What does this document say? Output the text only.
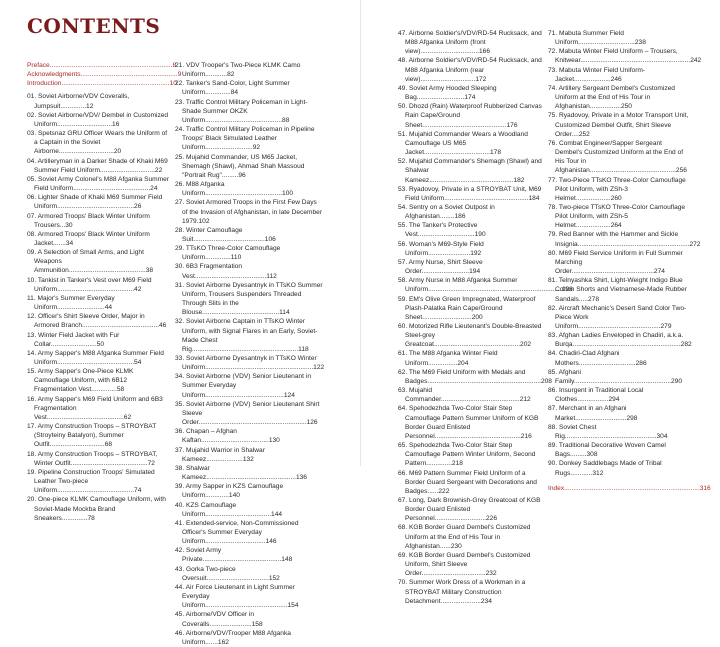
CONTENTS
Preface...................................................................8
Acknowledgments.....................................................9
Introduction...........................................................10
01. Soviet Airborne/VDV Coveralls, Jumpsuit..............12
02. Soviet Airborne/VDV/ Dembel in Customized Uniform..............................16
03. Spetsnaz GRU Officer Wears the Uniform of a Captain in the Soviet Airborne..............................20
04. Artilleryman in a Darker Shade of Khaki M69 Summer Field Uniform..............................22
05. Soviet Army Colonel's M88 Afganka Summer Field Uniform..........................................24
06. Lighter Shade of Khaki M69 Summer Field Uniform..........................................26
07. Armored Troops' Black Winter Uniform Trousers...30
08. Armored Troops' Black Winter Uniform Jacket.......34
09. A Selection of Small Arms, and Light Weapons Ammunition..........................................38
10. Tankist in Tanker's Vest over M69 Field Uniform..........................................42
11. Major's Summer Everyday Uniform..........................44
12. Officer's Shirt Sleeve Order, Major in Armored Branch..........................................46
13. Winter Field Jacket with Fur Collar.........................50
14. Army Sapper's M88 Afganka Summer Field Uniform..........................................54
15. Army Sapper's One-Piece KLMK Camouflage Uniform, with 6B12 Fragmentation Vest..............58
16. Army Sapper's M69 Field Uniform and 6B3 Fragmentation Vest..........................................62
17. Army Construction Troops – STROYBAT (Stroyteiny Batalyon), Summer Outfit..............................68
18. Army Construction Troops – STROYBAT, Winter Outfit..........................................72
19. Pipeline Construction Troops' Simulated Leather Two-piece Uniform..........................................74
20. One-piece KLMK Camouflage Uniform, with Soviet-Made Mockba Brand Sneakers..............78
21. VDV Trooper's Two-Piece KLMK Camo Uniform............82
22. Tanker's Sand-Color, Light Summer Uniform..............84
23. Traffic Control Military Policeman in Light-Shade Summer OKZK Uniform..........................................88
24. Traffic Control Military Policeman in Pipeline Troops' Black Simulated Leather Uniform..........................92
25. Mujahid Commander, US M65 Jacket, Shemagh (Shawl), Ahmad Shah Massoud "Portrait Rug".........96
26. M88 Afganka Uniform..........................................100
27. Soviet Armored Troops in the First Few Days of the Invasion of Afghanistan, in late December 1979.102
28. Winter Camouflage Suit.......................................106
29. TTsKO Three-Color Camouflage Uniform..............110
30. 6B3 Fragmentation Vest.......................................112
31. Soviet Airborne Dyesantnyk in TTsKO Summer Uniform, Trousers Suspenders Threaded Through Slits in the Blouse..........................................114
32. Soviet Airborne Captain in TTsKO Winter Uniform, with Signal Flares in an Early, Soviet-Made Chest Rig..........................................................118
33. Soviet Airborne Dyesantnyk in TTsKO Winter Uniform...........................................................122
34. Soviet Airborne (VDV) Senior Lieutenant in Summer Everyday Uniform...........................................124
35. Soviet Airborne (VDV) Senior Lieutenant Shirt Sleeve Order...........................................................126
36. Chapan – Afghan Kaftan.....................................130
37. Mujahid Warrior in Shalwar Kameez....................132
38. Shalwar Kameez.................................................136
39. Army Sapper in KZS Camouflage Uniform.............140
40. KZS Camouflage Uniform....................................144
41. Extended-service, Non-Commissioned Officer's Summer Everyday Uniform.................................146
42. Soviet Army Private...........................................148
43. Gorka Two-piece Oversuit..................................152
44. Air Force Lieutenant in Light Summer Everyday Uniform.............................................154
45. Airborne/VDV Officer in Coveralls.......................158
46. Airborne/VDV/Trooper M88 Afganka Uniform.......162
47. Airborne Soldier's/VDV/RD-54 Rucksack, and M88 Afganka Uniform (front view)................................166
48. Airborne Soldier's/VDV/RD-54 Rucksack, and M88 Afganka Uniform (rear view)..............................172
49. Soviet Army Hooded Sleeping Bag..........................174
50. Dhozd (Rain) Waterproof Rubberized Canvas Rain Cape/Ground Sheet..............................................176
51. Mujahid Commander Wears a Woodland Camouflage US M65 Jacket....................................178
52. Mujahid Commander's Shemagh (Shawl) and Shalwar Kameez..............................................182
53. Ryadovoy, Private in a STROYBAT Unit, M69 Field Uniform..............................................184
54. Sentry on a Soviet Outpost in Afghanistan........186
55. The Tanker's Protective Vest...............................190
56. Woman's M69-Style Field Uniform.......................192
57. Army Nurse, Shirt Sleeve Order..........................194
58. Army Nurse in M88 Afganka Summer Uniform.........................................................................196
59. EM's Olive Green Impregnated, Waterproof Plash-Palatka Rain Cape/Ground Sheet...........................200
60. Motorized Rifle Lieutenant's Double-Breasted Steel-grey Greatcoat...............................................202
61. The M88 Afganka Winter Field Uniform................204
62. The M69 Field Uniform with Medals and Badges..............................................................208
63. Mujahid Commander...........................................212
64. Spehodezhda Two-Color Stair Step Camouflage Pattern Summer Uniform of KGB Border Guard Enlisted Personnel...............................................216
65. Spehodezhda Two-Color Stair Step Camouflage Pattern Winter Uniform, Second Pattern..............218
66. M69 Pattern Summer Field Uniform of a Border Guard Sergeant with Decorations and Badges......222
67. Long, Dark Brownish-Grey Greatcoat of KGB Border Guard Enlisted Personnel............................226
68. KGB Border Guard Dembel's Customized Uniform at the End of His Tour in Afghanistan......230
69. KGB Border Guard Dembel's Customized Uniform, Shirt Sleeve Order...................................232
70. Summer Work Dress of a Workman in a STROYBAT Military Construction Detachment......................234
71. Mabuta Summer Field Uniform...............................238
72. Mabuta Winter Field Uniform – Trousers, Knitwear............................................................242
73. Mabuta Winter Field Uniform-Jacket....................246
74. Artillery Sergeant Dembel's Customized Uniform at the End of His Tour in Afghanistan.................250
75. Ryadovoy, Private in a Motor Transport Unit, Customized Dembel Outfit, Shirt Sleeve Order....252
76. Combat Engineer/Sapper Sergeant Dembel's Customized Uniform at the End of His Tour in Afghanistan...............................................256
77. Two-Piece TTsKO Three-Color Camouflage Pilot Uniform, with ZSh-3 Helmet...................260
78. Two-piece TTsKO Three-Color Camouflage Pilot Uniform, with ZSh-5 Helmet...................264
79. Red Banner with the Hammer and Sickle Insignia.............................................................272
80. M69 Field Service Uniform in Full Summer Marching Order.............................................274
81. Telnyashka Shirt, Light-Weight Indigo Blue Cotton Shorts and Vietnamese-Made Rubber Sandals.....278
82. Aircraft Mechanic's Desert Sand Color Two-Piece Work Uniform.............................................279
83. Afghan Ladies Enveloped in Chadiri, a.k.a. Burqa...........................................................282
84. Chadiri-Clad Afghani Mothers...............................286
85. Afghani Family.....................................................290
86. Insurgent in Traditional Local Clothes.................294
87. Merchant in an Afghani Market............................298
88. Soviet Chest Rig..................................................304
89. Traditional Decorative Woven Camel Bags.........308
90. Donkey Saddlebags Made of Tribal Rugs............312
Index..........................................................................316
